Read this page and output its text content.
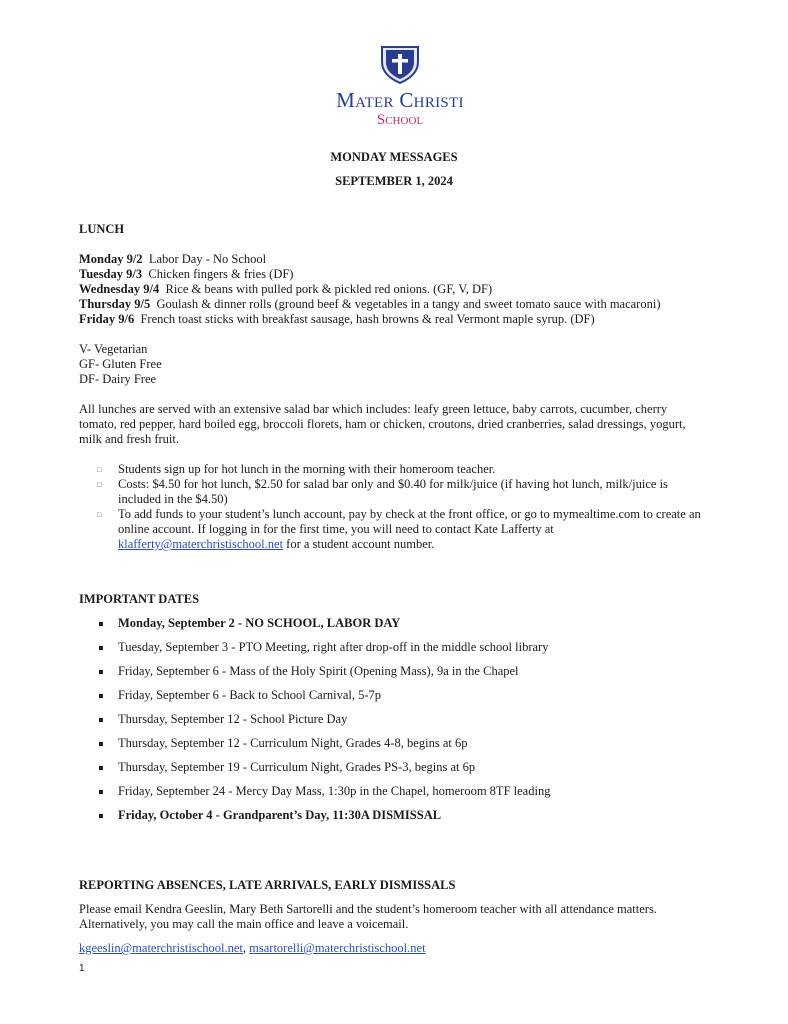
Mater Christi
School
MONDAY MESSAGES
SEPTEMBER 1, 2024
LUNCH
Monday 9/2 Labor Day - No School
Tuesday 9/3 Chicken fingers & fries (DF)
Wednesday 9/4 Rice & beans with pulled pork & pickled red onions. (GF, V, DF)
Thursday 9/5 Goulash & dinner rolls (ground beef & vegetables in a tangy and sweet tomato sauce with macaroni)
Friday 9/6 French toast sticks with breakfast sausage, hash browns & real Vermont maple syrup. (DF)
V- Vegetarian
GF- Gluten Free
DF- Dairy Free
All lunches are served with an extensive salad bar which includes: leafy green lettuce, baby carrots, cucumber, cherry tomato, red pepper, hard boiled egg, broccoli florets, ham or chicken, croutons, dried cranberries, salad dressings, yogurt, milk and fresh fruit.
□ Students sign up for hot lunch in the morning with their homeroom teacher.
□ Costs: $4.50 for hot lunch, $2.50 for salad bar only and $0.40 for milk/juice (if having hot lunch, milk/juice is included in the $4.50)
□ To add funds to your student’s lunch account, pay by check at the front office, or go to mymealtime.com to create an online account. If logging in for the first time, you will need to contact Kate Lafferty at klafferty@materchristischool.net for a student account number.
IMPORTANT DATES
Monday, September 2 - NO SCHOOL, LABOR DAY
Tuesday, September 3 - PTO Meeting, right after drop-off in the middle school library
Friday, September 6 - Mass of the Holy Spirit (Opening Mass), 9a in the Chapel
Friday, September 6 - Back to School Carnival, 5-7p
Thursday, September 12 - School Picture Day
Thursday, September 12 - Curriculum Night, Grades 4-8, begins at 6p
Thursday, September 19 - Curriculum Night, Grades PS-3, begins at 6p
Friday, September 24 - Mercy Day Mass, 1:30p in the Chapel, homeroom 8TF leading
Friday, October 4 - Grandparent’s Day, 11:30A DISMISSAL
REPORTING ABSENCES, LATE ARRIVALS, EARLY DISMISSALS
Please email Kendra Geeslin, Mary Beth Sartorelli and the student’s homeroom teacher with all attendance matters. Alternatively, you may call the main office and leave a voicemail.
kgeeslin@materchristischool.net, msartorelli@materchristischool.net
1
